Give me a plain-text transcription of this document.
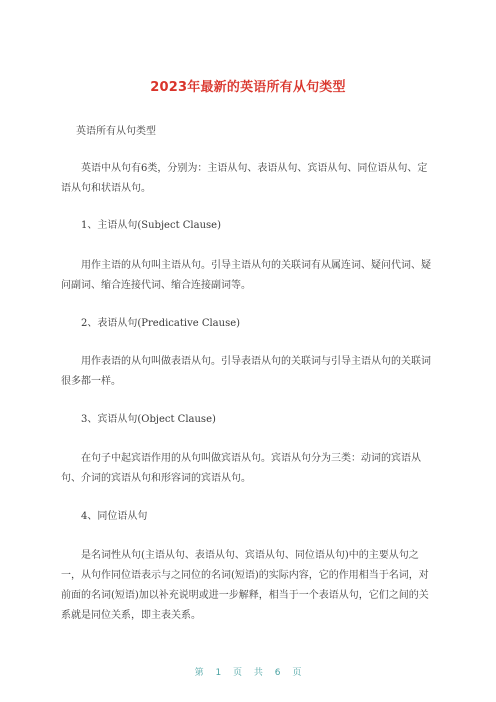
2023年最新的英语所有从句类型

英语所有从句类型

英语中从句有6类，分别为：主语从句、表语从句、宾语从句、同位语从句、定语从句和状语从句。

1、主语从句(Subject Clause)

用作主语的从句叫主语从句。引导主语从句的关联词有从属连词、疑问代词、疑问副词、缩合连接代词、缩合连接副词等。

2、表语从句(Predicative Clause)

用作表语的从句叫做表语从句。引导表语从句的关联词与引导主语从句的关联词很多都一样。

3、宾语从句(Object Clause)

在句子中起宾语作用的从句叫做宾语从句。宾语从句分为三类：动词的宾语从句、介词的宾语从句和形容词的宾语从句。

4、同位语从句

是名词性从句(主语从句、表语从句、宾语从句、同位语从句)中的主要从句之一，从句作同位语表示与之同位的名词(短语)的实际内容，它的作用相当于名词，对前面的名词(短语)加以补充说明或进一步解释，相当于一个表语从句，它们之间的关系就是同位关系，即主表关系。

第 1 页 共 6 页
